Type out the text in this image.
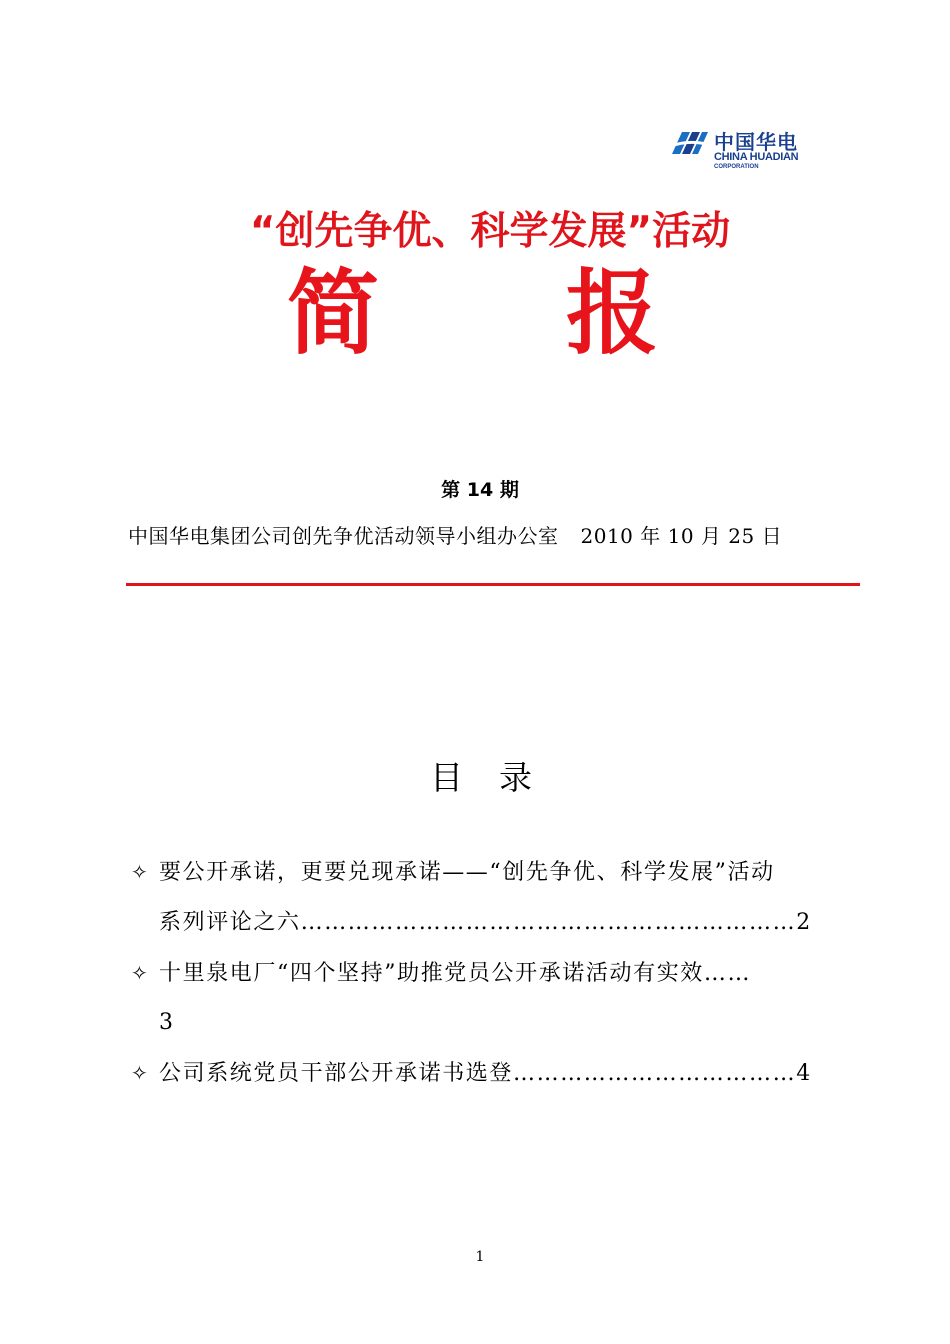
中国华电
CHINA HUADIAN
CORPORATION
“创先争优、科学发展”活动
简 报
第 14 期
中国华电集团公司创先争优活动领导小组办公室 2010 年 10 月 25 日
目 录
✧ 要公开承诺，更要兑现承诺——“创先争优、科学发展”活动
系列评论之六………………………………………………………2
✧ 十里泉电厂“四个坚持”助推党员公开承诺活动有实效……
3
✧ 公司系统党员干部公开承诺书选登………………………………4
1
